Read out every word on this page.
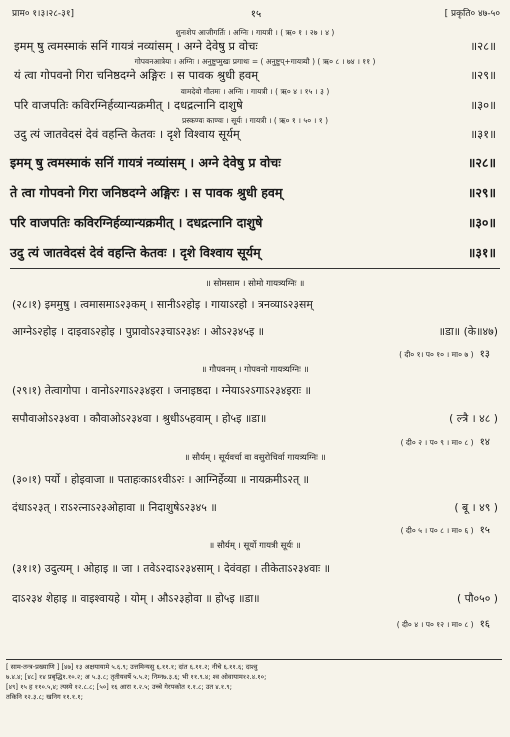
प्राम० १।३।२८-३१]	१५	[ प्रकृति० ४७-५०
शुनःशेप आजीगर्तिः । अग्निः । गायत्री । ( ऋ० १ । २७ । ४ )
इमम् षु त्वमस्माकं सनिं गायत्रं नव्यांसम् । अग्ने देवेषु प्र वोचः	॥२८॥
गोपवनआत्रेयः । अग्निः । अनुष्टुप्मुखः प्रगाथः = ( अनुष्टुप्+गायत्र्यौ ) ( ऋ० ८ । ७४ । ११ )
यं त्वा गोपवनो गिरा चनिष्ठदग्ने अङ्गिरः । स पावक श्रुधी हवम्	॥२९॥
वामदेवो गौतमः । अग्निः । गायत्री । ( ऋ० ४ । १५ । ३ )
परि वाजपतिः कविरग्निर्हव्यान्यक्रमीत् । दधद्रत्नानि दाशुषे	॥३०॥
प्रस्कण्वः काण्वः । सूर्यः । गायत्री । ( ऋ० १ । ५० । १ )
उदु त्यं जातवेदसं देवं वहन्ति केतवः । दृशे विश्वाय सूर्यम्	॥३१॥
इमम् षु त्वमस्माकं सनिं गायत्रं नव्यांसम् । अग्ने देवेषु प्र वोचः	॥२८॥
ते त्वा गोपवनो गिरा जनिष्ठदग्ने अङ्गिरः । स पावक श्रुधी हवम्	॥२९॥
परि वाजपतिः कविरग्निर्हव्यान्यक्रमीत् । दधद्रत्नानि दाशुषे	॥३०॥
उदु त्यं जातवेदसं देवं वहन्ति केतवः । दृशे विश्वाय सूर्यम्	॥३१॥
॥ सोमसाम । सोमो गायत्र्यग्निः ॥
(२८।१) इममुषु । त्वमासमाऽ२३कम् । सानीऽ२होइ । गायाऽरहो । त्रनव्याऽ२३सम्
आग्नेऽ२होइ । दाइवाऽ२होइ । पुप्रावोऽ२३चाऽ२३४ः । ओऽ२३४५इ ॥	॥डा॥ (के॥४७)
( दी० १। प० १० । मा० ७ ) १३
॥ गौपवनम् । गोपवनो गायत्र्यग्निः ॥
(२९।१) तेत्वागोपा । वानोऽ२गाऽ२३४इरा । जनाइष्ठदा । ग्नेयाऽ२ऽगाऽ२३४इराः ॥
सपौवाओऽ२३४वा । कौवाओऽ२३४वा । श्रुधीऽ५हवाम् । हो५इ ॥डा॥	( ल्त्रै । ४८ )
( दी० २ । प० ९ । मा० ८ ) १४
॥ सौर्यम् । सूर्यवर्चा वा वसुरोचिर्वा गायत्र्यग्निः ॥
(३०।१) पर्यो । होइवाजा ॥ पताहःकाऽ१वीऽ२ः । आग्निर्हेव्या ॥ नायक्रमीऽ२त् ॥
दंधाऽ२३त् । राऽ२त्नाऽ२३ओहावा ॥ निदाशुषेऽ२३४५ ॥	( बू । ४९ )
( दी० ५ । प० ८ । मा० ६ ) १५
॥ सौर्यम् । सूर्यो गायत्री सूर्यः ॥
(३१।१) उदुत्यम् । ओहाइ ॥ जा । तवेऽ२दाऽ२३४साम् । देवंवहा । तीकेताऽ२३४वाः ॥
दाऽ२३४ शेहाइ ॥ वाइश्वायहे । योम् । औऽ२३होवा ॥ हो५इ ॥डा॥	( पौ०५० )
( दी० ४ । प० १२ । मा० ८ ) १६
[ साम-तन्त्र-प्रख्याणि ] [४७] १३ अक्षयायामे ५.६.९; उत्तमिन्यसु ६.११.१; दांत ६.११.२; नीचे ६.११.६; दाश्वु
७.४.४; [४८] १४ प्रबृद्धि१.१०.२; अ ५.३.८; तृतीयवर्षे ५.५.२; निम्न७.३.६; भी ११.९.४; श्व ओवायाम१२.४.१०;
[४९] १५ ह ११०.५,४; त्यस्ये १२.८.८; [५०] १६ आरा १.२.५; उच्चे गेरपकोत १.१.८; उत ४.१.९;
तकिनि १२.३.८; खनिग ११.१.१;
